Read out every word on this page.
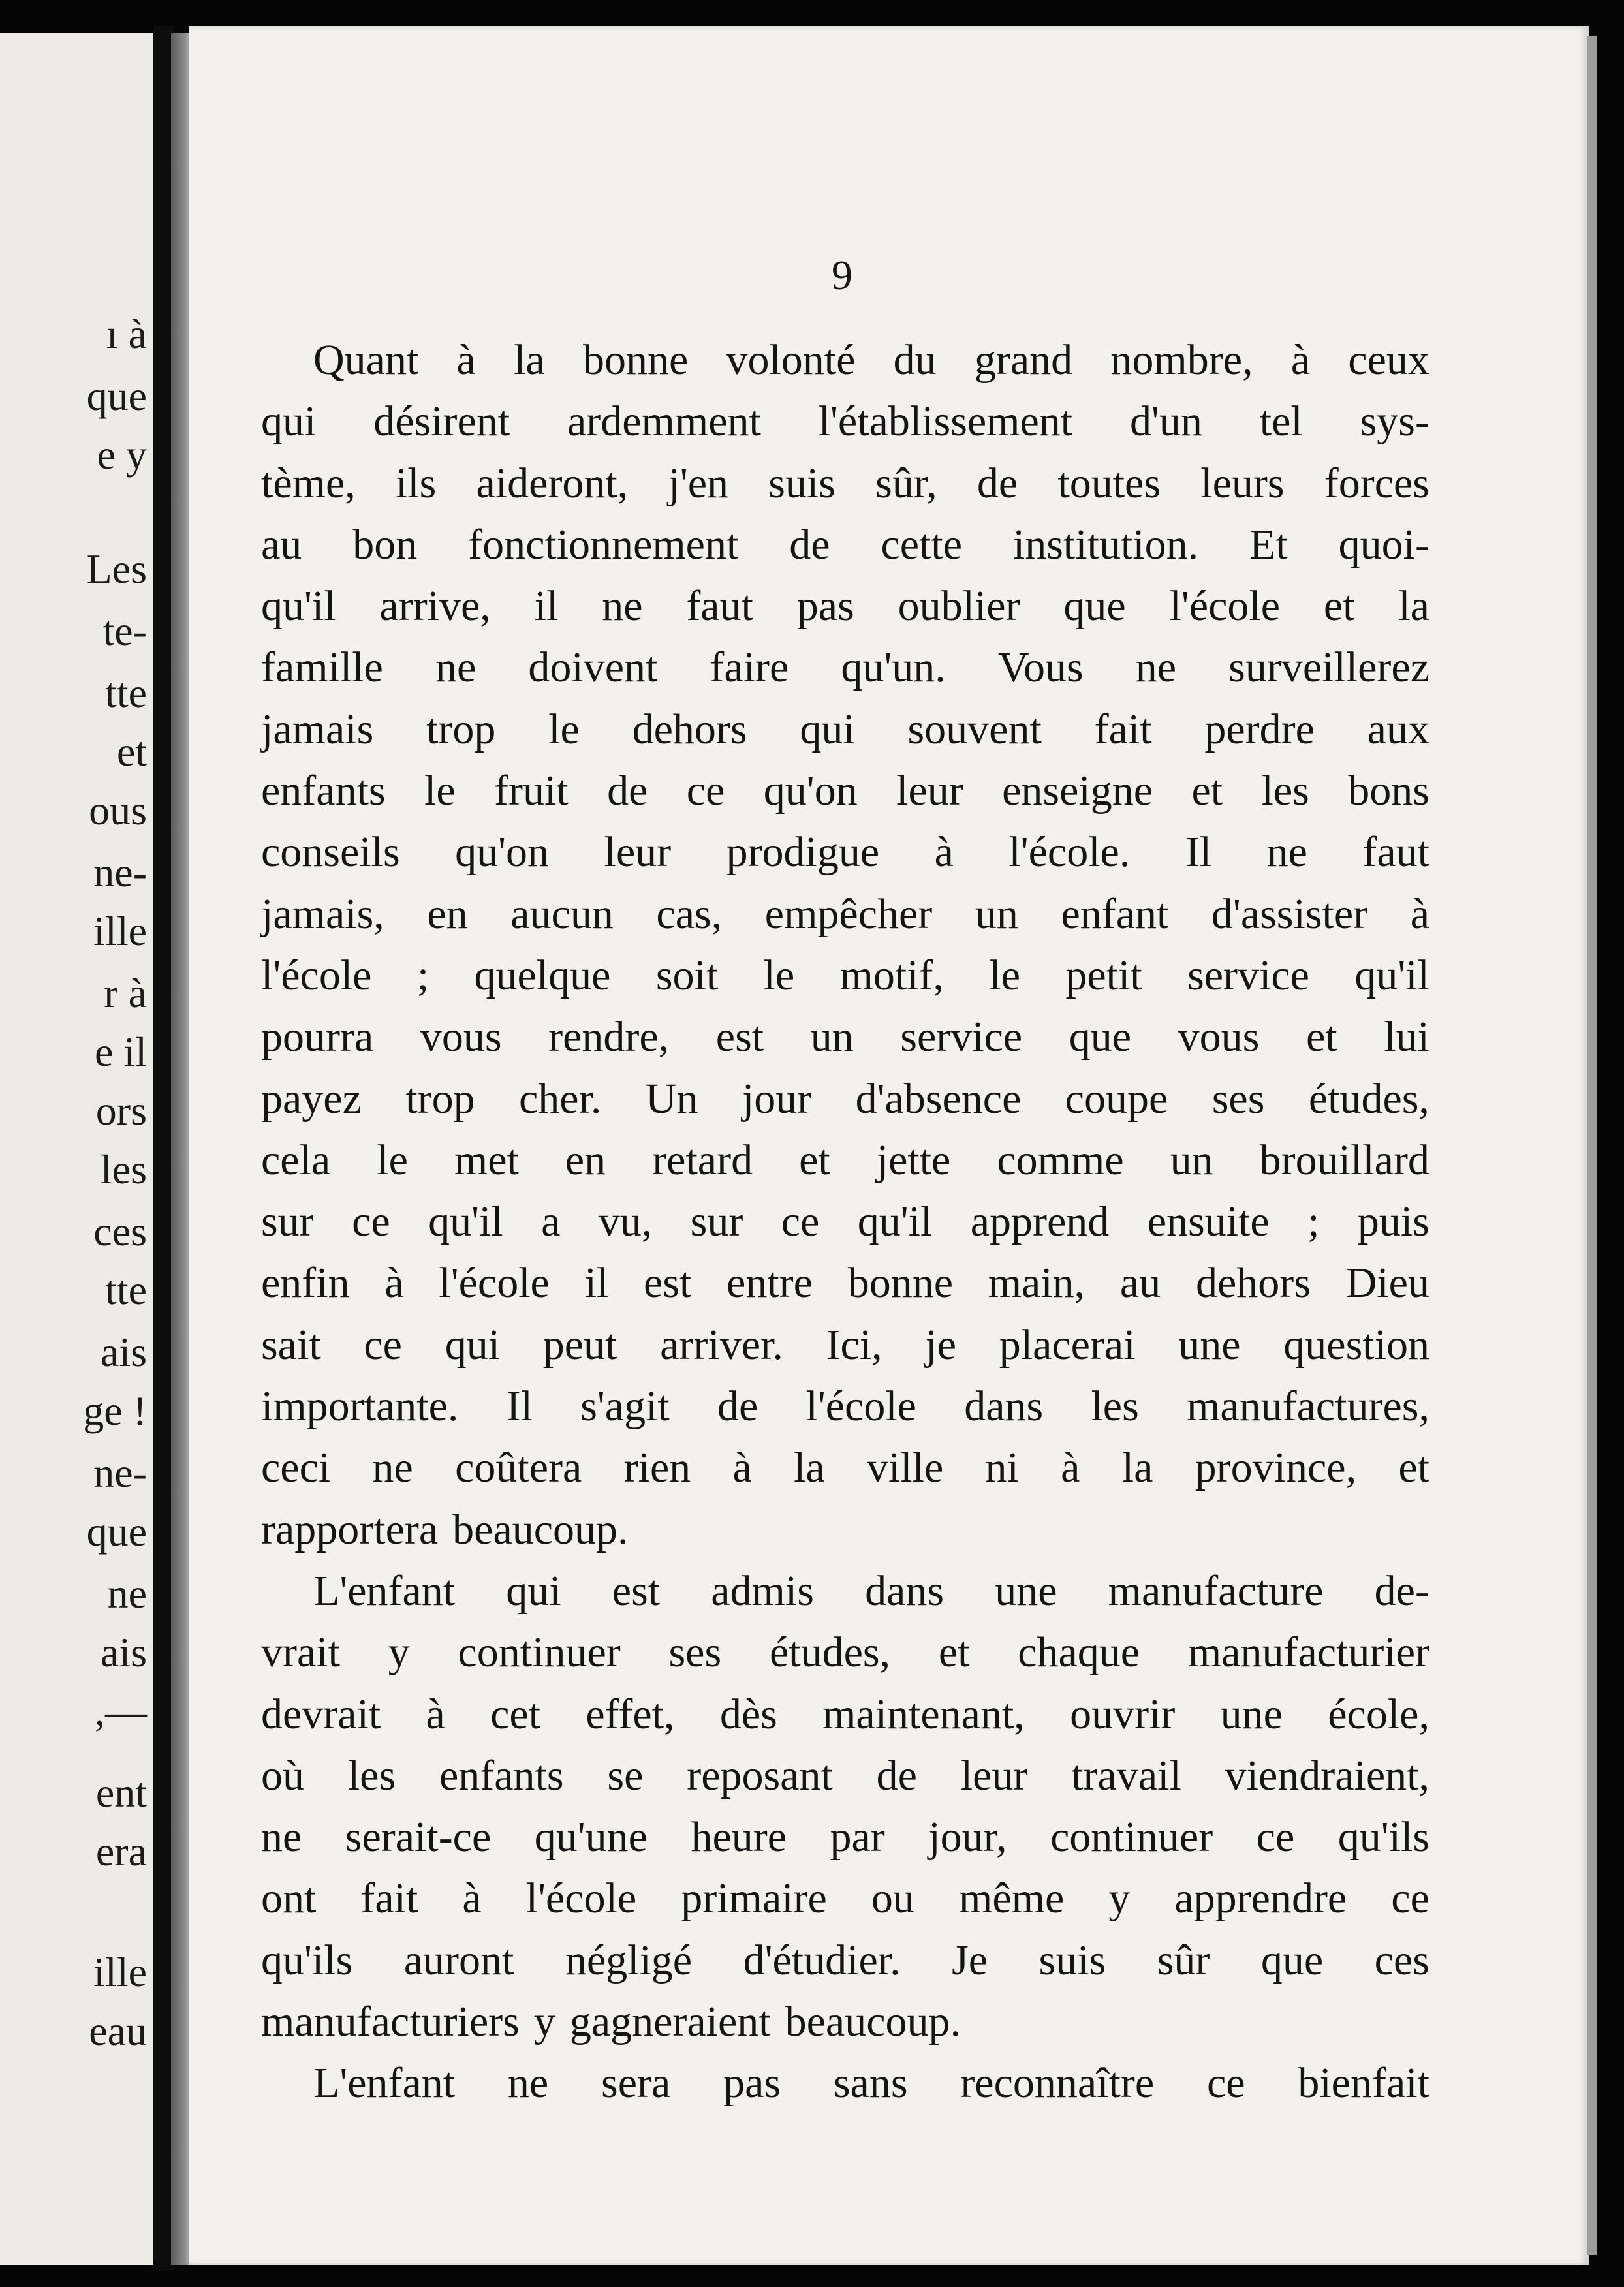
ı à
que
e y
Les
te-
tte
et
ous
ne-
ille
r à
e il
ors
les
ces
tte
ais
ge !
ne-
que
ne
ais
,—
ent
era
ille
eau
9
Quant à la bonne volonté du grand nombre, à ceux
qui désirent ardemment l'établissement d'un tel sys-
tème, ils aideront, j'en suis sûr, de toutes leurs forces
au bon fonctionnement de cette institution. Et quoi-
qu'il arrive, il ne faut pas oublier que l'école et la
famille ne doivent faire qu'un. Vous ne surveillerez
jamais trop le dehors qui souvent fait perdre aux
enfants le fruit de ce qu'on leur enseigne et les bons
conseils qu'on leur prodigue à l'école. Il ne faut
jamais, en aucun cas, empêcher un enfant d'assister à
l'école ; quelque soit le motif, le petit service qu'il
pourra vous rendre, est un service que vous et lui
payez trop cher. Un jour d'absence coupe ses études,
cela le met en retard et jette comme un brouillard
sur ce qu'il a vu, sur ce qu'il apprend ensuite ; puis
enfin à l'école il est entre bonne main, au dehors Dieu
sait ce qui peut arriver. Ici, je placerai une question
importante. Il s'agit de l'école dans les manufactures,
ceci ne coûtera rien à la ville ni à la province, et
rapportera beaucoup.
L'enfant qui est admis dans une manufacture de-
vrait y continuer ses études, et chaque manufacturier
devrait à cet effet, dès maintenant, ouvrir une école,
où les enfants se reposant de leur travail viendraient,
ne serait-ce qu'une heure par jour, continuer ce qu'ils
ont fait à l'école primaire ou même y apprendre ce
qu'ils auront négligé d'étudier. Je suis sûr que ces
manufacturiers y gagneraient beaucoup.
L'enfant ne sera pas sans reconnaître ce bienfait
